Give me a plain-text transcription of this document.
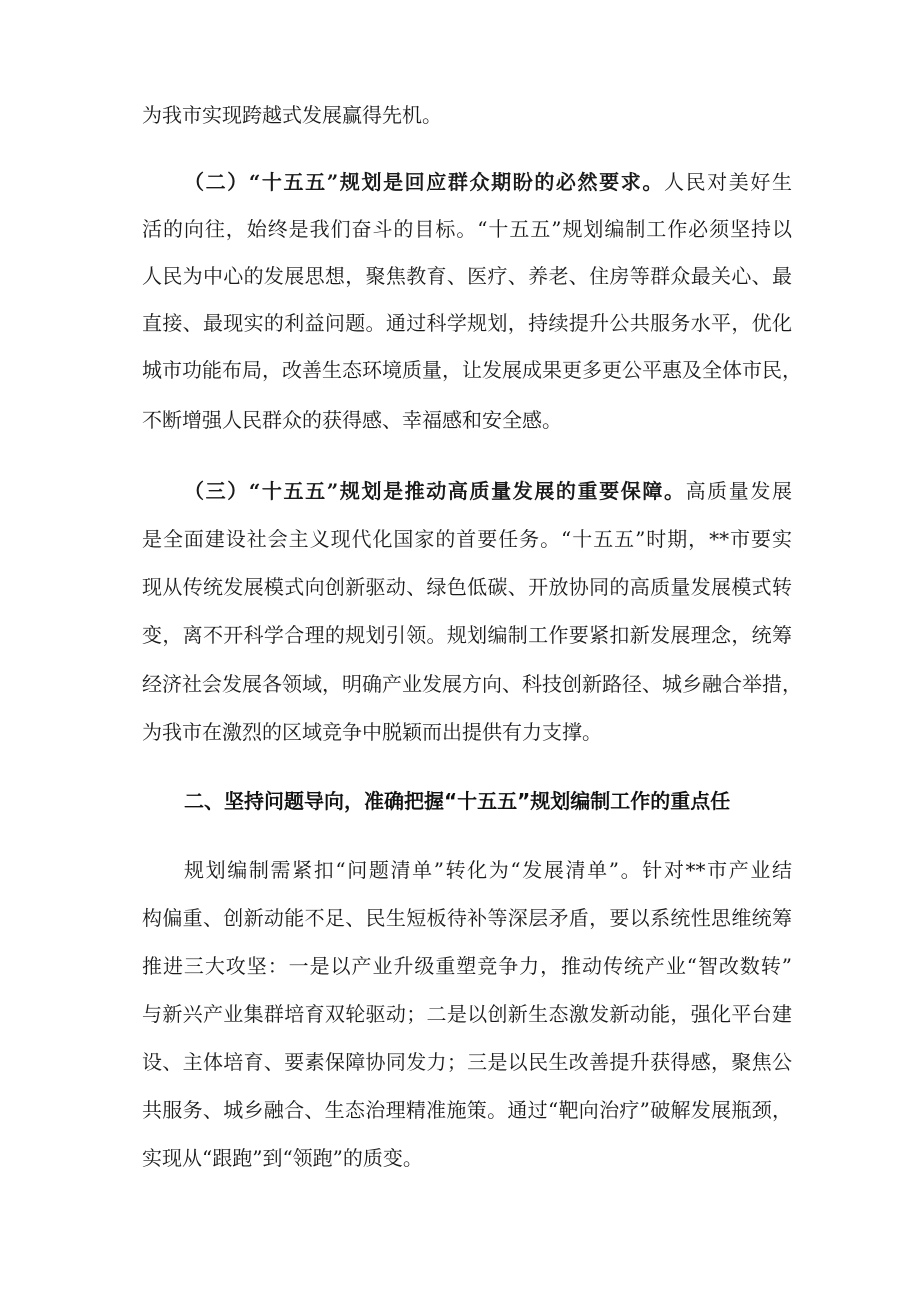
为我市实现跨越式发展赢得先机。
（二）“十五五”规划是回应群众期盼的必然要求。人民对美好生
活的向往，始终是我们奋斗的目标。“十五五”规划编制工作必须坚持以
人民为中心的发展思想，聚焦教育、医疗、养老、住房等群众最关心、最
直接、最现实的利益问题。通过科学规划，持续提升公共服务水平，优化
城市功能布局，改善生态环境质量，让发展成果更多更公平惠及全体市民，
不断增强人民群众的获得感、幸福感和安全感。
（三）“十五五”规划是推动高质量发展的重要保障。高质量发展
是全面建设社会主义现代化国家的首要任务。“十五五”时期，**市要实
现从传统发展模式向创新驱动、绿色低碳、开放协同的高质量发展模式转
变，离不开科学合理的规划引领。规划编制工作要紧扣新发展理念，统筹
经济社会发展各领域，明确产业发展方向、科技创新路径、城乡融合举措，
为我市在激烈的区域竞争中脱颖而出提供有力支撑。
二、坚持问题导向，准确把握“十五五”规划编制工作的重点任
规划编制需紧扣“问题清单”转化为“发展清单”。针对**市产业结
构偏重、创新动能不足、民生短板待补等深层矛盾，要以系统性思维统筹
推进三大攻坚：一是以产业升级重塑竞争力，推动传统产业“智改数转”
与新兴产业集群培育双轮驱动；二是以创新生态激发新动能，强化平台建
设、主体培育、要素保障协同发力；三是以民生改善提升获得感，聚焦公
共服务、城乡融合、生态治理精准施策。通过“靶向治疗”破解发展瓶颈，
实现从“跟跑”到“领跑”的质变。
